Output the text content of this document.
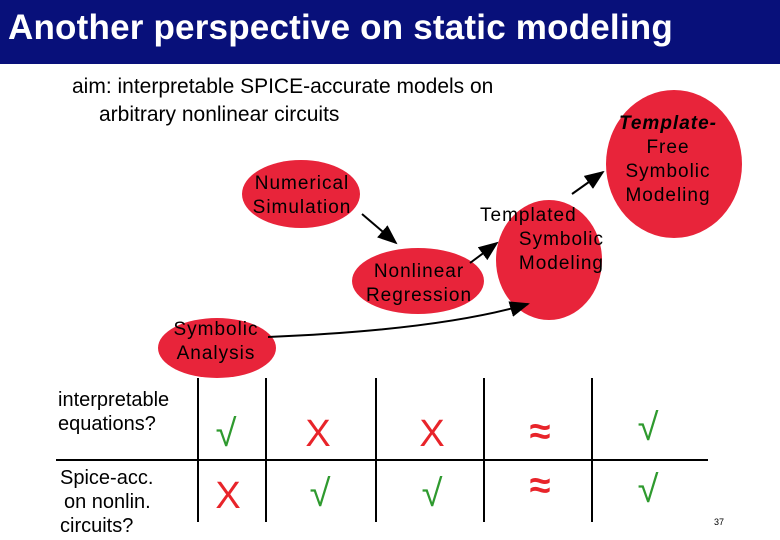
Another perspective on static modeling
aim: interpretable SPICE-accurate models on
arbitrary nonlinear circuits
Numerical
Simulation
Nonlinear
Regression
Templated
Symbolic
Modeling
Template-
Free
Symbolic
Modeling
Symbolic
Analysis
interpretable
equations?
Spice-acc.
on nonlin.
circuits?
√ X X ≈ √
X √ √ ≈ √
37
